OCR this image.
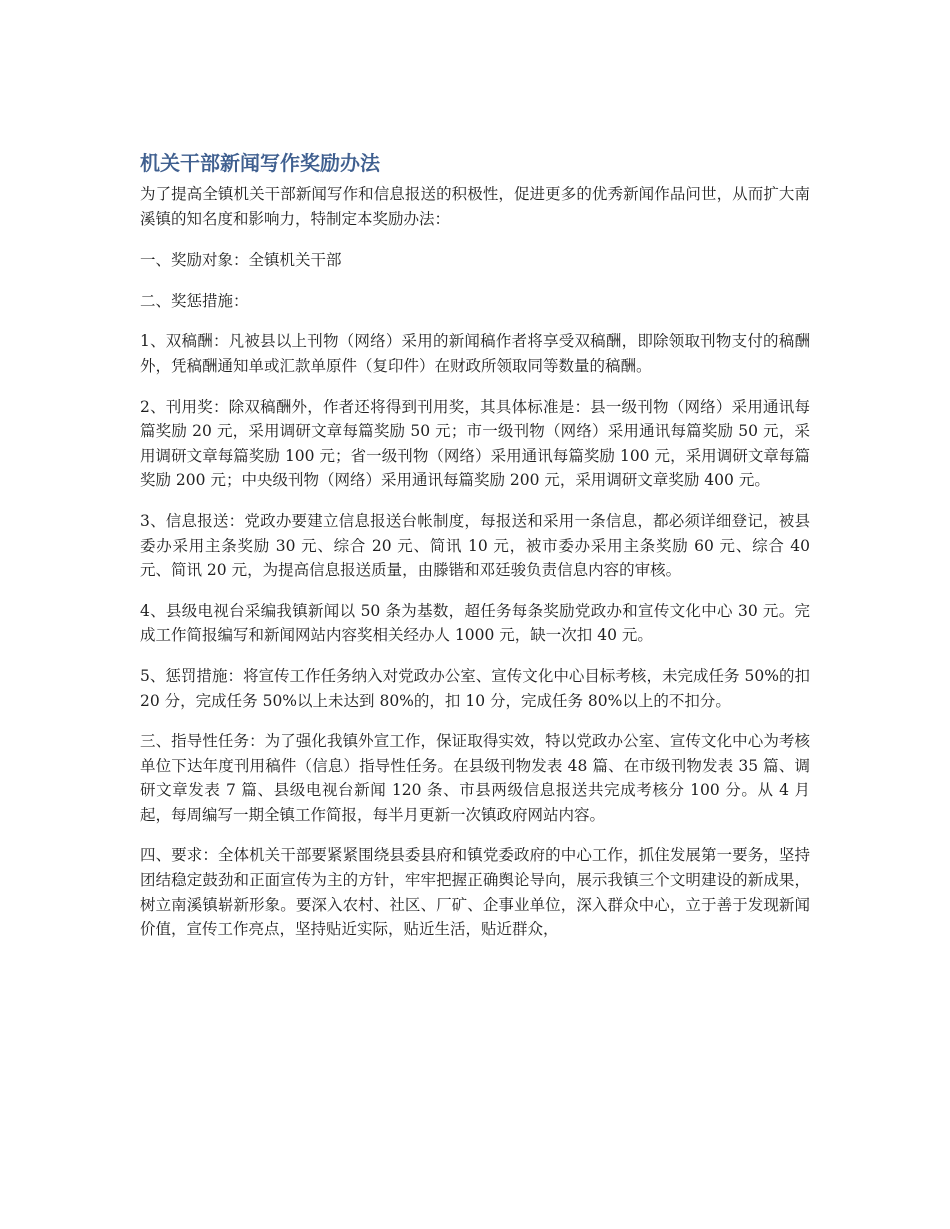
机关干部新闻写作奖励办法

为了提高全镇机关干部新闻写作和信息报送的积极性，促进更多的优秀新闻作品问世，从而扩大南溪镇的知名度和影响力，特制定本奖励办法：

一、奖励对象：全镇机关干部

二、奖惩措施：

1、双稿酬：凡被县以上刊物（网络）采用的新闻稿作者将享受双稿酬，即除领取刊物支付的稿酬外，凭稿酬通知单或汇款单原件（复印件）在财政所领取同等数量的稿酬。

2、刊用奖：除双稿酬外，作者还将得到刊用奖，其具体标准是：县一级刊物（网络）采用通讯每篇奖励 20 元，采用调研文章每篇奖励 50 元；市一级刊物（网络）采用通讯每篇奖励 50 元，采用调研文章每篇奖励 100 元；省一级刊物（网络）采用通讯每篇奖励 100 元，采用调研文章每篇奖励 200 元；中央级刊物（网络）采用通讯每篇奖励 200 元，采用调研文章奖励 400 元。

3、信息报送：党政办要建立信息报送台帐制度，每报送和采用一条信息，都必须详细登记，被县委办采用主条奖励 30 元、综合 20 元、简讯 10 元，被市委办采用主条奖励 60 元、综合 40 元、简讯 20 元，为提高信息报送质量，由滕锴和邓廷骏负责信息内容的审核。

4、县级电视台采编我镇新闻以 50 条为基数，超任务每条奖励党政办和宣传文化中心 30 元。完成工作简报编写和新闻网站内容奖相关经办人 1000 元，缺一次扣 40 元。

5、惩罚措施：将宣传工作任务纳入对党政办公室、宣传文化中心目标考核，未完成任务 50%的扣 20 分，完成任务 50%以上未达到 80%的，扣 10 分，完成任务 80%以上的不扣分。

三、指导性任务：为了强化我镇外宣工作，保证取得实效，特以党政办公室、宣传文化中心为考核单位下达年度刊用稿件（信息）指导性任务。在县级刊物发表 48 篇、在市级刊物发表 35 篇、调研文章发表 7 篇、县级电视台新闻 120 条、市县两级信息报送共完成考核分 100 分。从 4 月起，每周编写一期全镇工作简报，每半月更新一次镇政府网站内容。

四、要求：全体机关干部要紧紧围绕县委县府和镇党委政府的中心工作，抓住发展第一要务，坚持团结稳定鼓劲和正面宣传为主的方针，牢牢把握正确舆论导向，展示我镇三个文明建设的新成果，树立南溪镇崭新形象。要深入农村、社区、厂矿、企事业单位，深入群众中心，立于善于发现新闻价值，宣传工作亮点，坚持贴近实际，贴近生活，贴近群众，
